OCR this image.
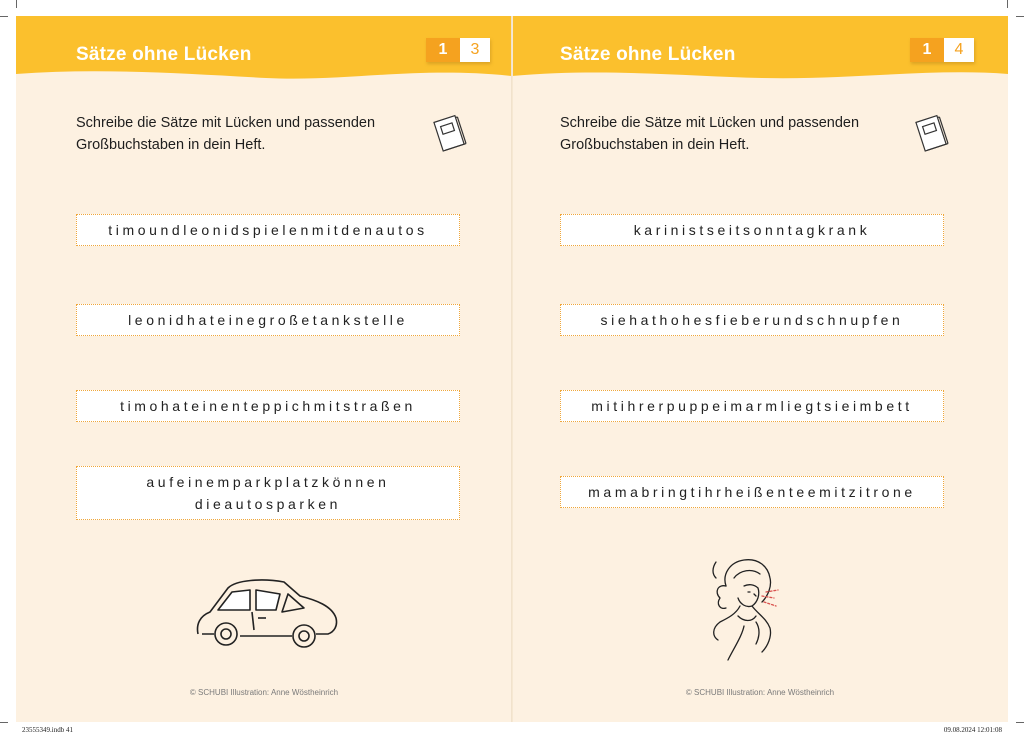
Sätze ohne Lücken	1	3
Schreibe die Sätze mit Lücken und passenden
Großbuchstaben in dein Heft.
timoundleonidspielenmitdenautos
leonidhateinegroßetankstelle
timohateinenteppichmitstraßen
aufeinemparkplatzkönnen
dieautosparken
© SCHUBI Illustration: Anne Wöstheinrich
Sätze ohne Lücken	1	4
Schreibe die Sätze mit Lücken und passenden
Großbuchstaben in dein Heft.
karinistseitsonntagkrank
siehathohesfieberundschnupfen
mitihrerpuppeimarmliegtsieimbett
mamabringtihrheißenteemitzitrone
© SCHUBI Illustration: Anne Wöstheinrich
23555349.indb 41	09.08.2024 12:01:08
